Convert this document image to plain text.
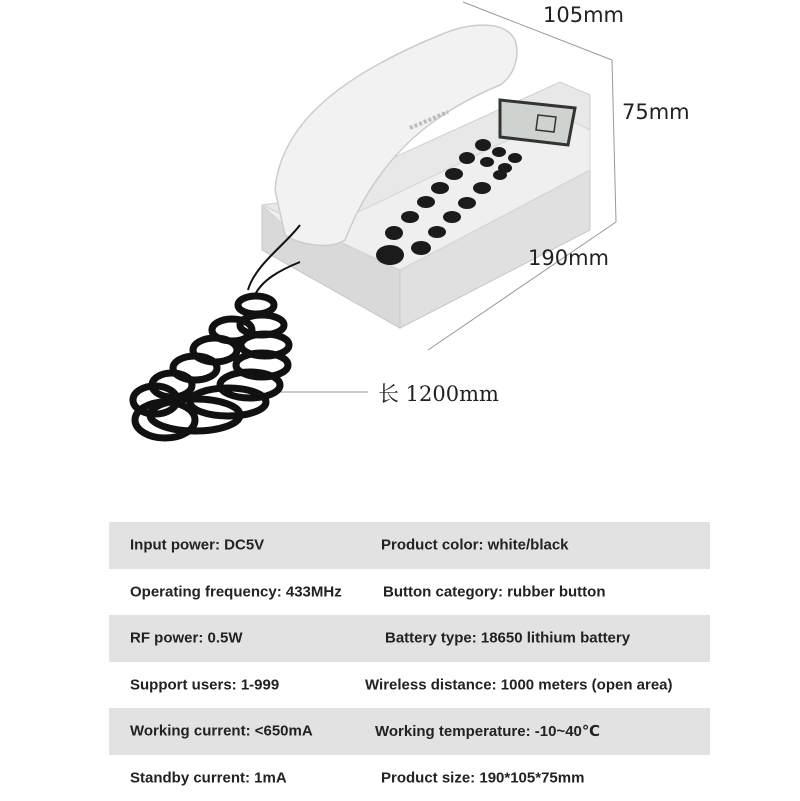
105mm
75mm
190mm
长 1200mm
Input power: DC5V	Product color: white/black
Operating frequency: 433MHz	Button category: rubber button
RF power: 0.5W	Battery type: 18650 lithium battery
Support users: 1-999	Wireless distance: 1000 meters (open area)
Working current: <650mA	Working temperature: -10~40℃
Standby current: 1mA	Product size: 190*105*75mm
